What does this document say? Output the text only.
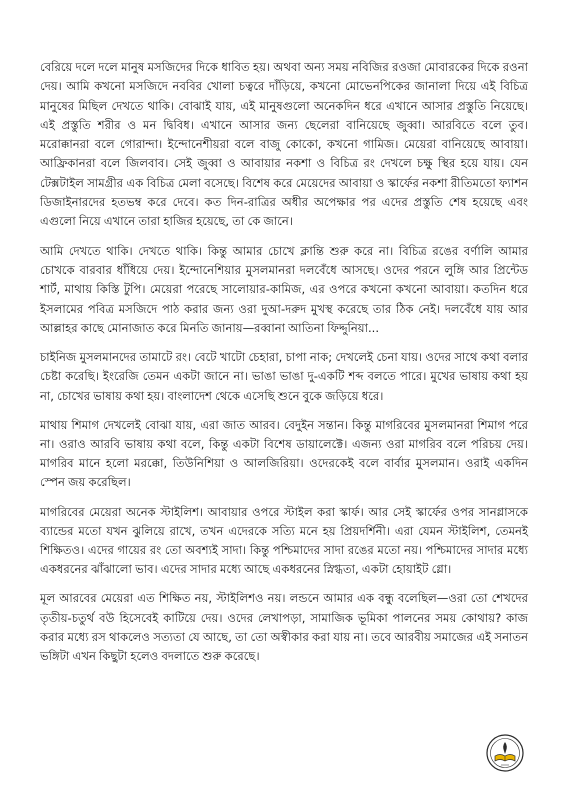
বেরিয়ে দলে দলে মানুষ মসজিদের দিকে ধাবিত হয়। অথবা অন্য সময় নবিজির রওজা মোবারকের দিকে রওনা দেয়। আমি কখনো মসজিদে নববির খোলা চত্বরে দাঁড়িয়ে, কখনো মোভেনপিকের জানালা দিয়ে এই বিচিত্র মানুষের মিছিল দেখতে থাকি। বোঝাই যায়, এই মানুষগুলো অনেকদিন ধরে এখানে আসার প্রস্তুতি নিয়েছে। এই প্রস্তুতি শরীর ও মন দ্বিবিধ। এখানে আসার জন্য ছেলেরা বানিয়েছে জুব্বা। আরবিতে বলে তুব। মরোক্কানরা বলে গোরান্দা। ইন্দোনেশীয়রা বলে বাজু কোকো, কখনো গামিজ। মেয়েরা বানিয়েছে আবায়া। আফ্রিকানরা বলে জিলবাব। সেই জুব্বা ও আবায়ার নকশা ও বিচিত্র রং দেখলে চক্ষু স্থির হয়ে যায়। যেন টেক্সটাইল সামগ্রীর এক বিচিত্র মেলা বসেছে। বিশেষ করে মেয়েদের আবায়া ও স্কার্ফের নকশা রীতিমতো ফ্যাশন ডিজাইনারদের হতভম্ব করে দেবে। কত দিন-রাত্রির অধীর অপেক্ষার পর এদের প্রস্তুতি শেষ হয়েছে এবং এগুলো নিয়ে এখানে তারা হাজির হয়েছে, তা কে জানে।

আমি দেখতে থাকি। দেখতে থাকি। কিন্তু আমার চোখে ক্লান্তি শুরু করে না। বিচিত্র রঙের বর্ণালি আমার চোখকে বারবার ধাঁধিয়ে দেয়। ইন্দোনেশিয়ার মুসলমানরা দলবেঁধে আসছে। ওদের পরনে লুঙ্গি আর প্রিন্টেড শার্ট, মাথায় কিস্তি টুপি। মেয়েরা পরেছে সালোয়ার-কামিজ, এর ওপরে কখনো কখনো আবায়া। কতদিন ধরে ইসলামের পবিত্র মসজিদে পাঠ করার জন্য ওরা দুআ-দরুদ মুখস্থ করেছে তার ঠিক নেই। দলবেঁধে যায় আর আল্লাহর কাছে মোনাজাত করে মিনতি জানায়—রব্বানা আতিনা ফিদ্দুনিয়া...

চাইনিজ মুসলমানদের তামাটে রং। বেটে খাটো চেহারা, চাপা নাক; দেখলেই চেনা যায়। ওদের সাথে কথা বলার চেষ্টা করেছি। ইংরেজি তেমন একটা জানে না। ভাঙা ভাঙা দু-একটি শব্দ বলতে পারে। মুখের ভাষায় কথা হয় না, চোখের ভাষায় কথা হয়। বাংলাদেশ থেকে এসেছি শুনে বুকে জড়িয়ে ধরে।

মাথায় শিমাগ দেখলেই বোঝা যায়, এরা জাত আরব। বেদুইন সন্তান। কিন্তু মাগরিবের মুসলমানরা শিমাগ পরে না। ওরাও আরবি ভাষায় কথা বলে, কিন্তু একটা বিশেষ ডায়ালেক্টে। এজন্য ওরা মাগরিব বলে পরিচয় দেয়। মাগরিব মানে হলো মরক্কো, তিউনিশিয়া ও আলজিরিয়া। ওদেরকেই বলে বার্বার মুসলমান। ওরাই একদিন স্পেন জয় করেছিল।

মাগরিবের মেয়েরা অনেক স্টাইলিশ। আবায়ার ওপরে স্টাইল করা স্কার্ফ। আর সেই স্কার্ফের ওপর সানগ্লাসকে ব্যান্ডের মতো যখন ঝুলিয়ে রাখে, তখন এদেরকে সত্যি মনে হয় প্রিয়দর্শিনী। এরা যেমন স্টাইলিশ, তেমনই শিক্ষিতও। এদের গায়ের রং তো অবশ্যই সাদা। কিন্তু পশ্চিমাদের সাদা রঙের মতো নয়। পশ্চিমাদের সাদার মধ্যে একধরনের ঝাঁঝালো ভাব। এদের সাদার মধ্যে আছে একধরনের স্নিগ্ধতা, একটা হোয়াইট গ্লো।

মূল আরবের মেয়েরা এত শিক্ষিত নয়, স্টাইলিশও নয়। লন্ডনে আমার এক বন্ধু বলেছিল—ওরা তো শেখদের তৃতীয়-চতুর্থ বউ হিসেবেই কাটিয়ে দেয়। ওদের লেখাপড়া, সামাজিক ভূমিকা পালনের সময় কোথায়? কাজ করার মধ্যে রস থাকলেও সত্যতা যে আছে, তা তো অস্বীকার করা যায় না। তবে আরবীয় সমাজের এই সনাতন ভঙ্গিটা এখন কিছুটা হলেও বদলাতে শুরু করেছে।
